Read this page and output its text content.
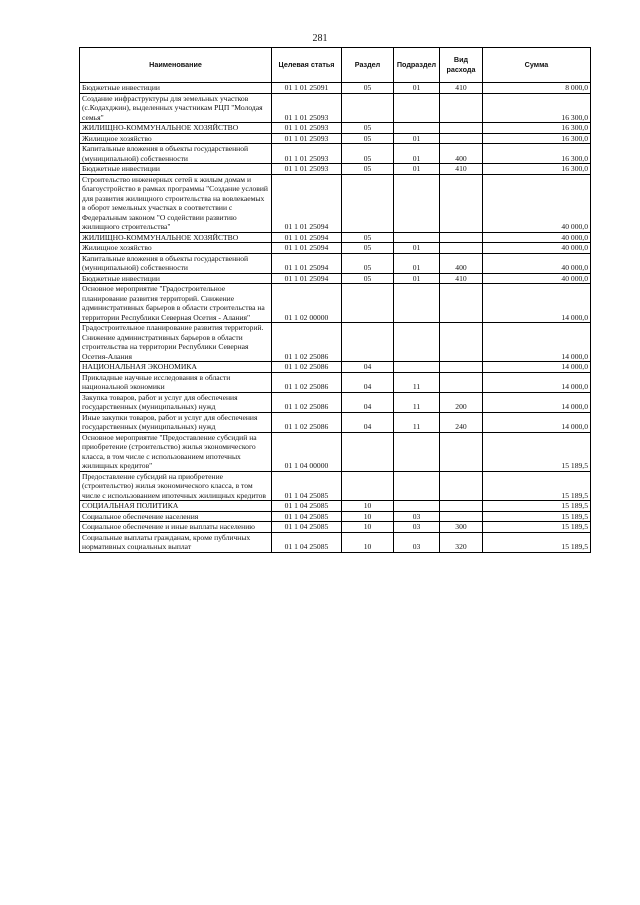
281
Наименование	Целевая статья	Раздел	Подраздел	Вид расхода	Сумма
Бюджетные инвестиции	01 1 01 25091	05	01	410	8 000,0
Создание инфраструктуры для земельных участков (с.Кодахджин), выделенных участникам РЦП "Молодая семья"	01 1 01 25093				16 300,0
ЖИЛИЩНО-КОММУНАЛЬНОЕ ХОЗЯЙСТВО	01 1 01 25093	05			16 300,0
Жилищное хозяйство	01 1 01 25093	05	01		16 300,0
Капитальные вложения в объекты государственной (муниципальной) собственности	01 1 01 25093	05	01	400	16 300,0
Бюджетные инвестиции	01 1 01 25093	05	01	410	16 300,0
Строительство инженерных сетей к жилым домам и благоустройство в рамках программы "Создание условий для развития жилищного строительства на вовлекаемых в оборот земельных участках в соответствии с Федеральным законом "О содействии развитию жилищного строительства"	01 1 01 25094				40 000,0
ЖИЛИЩНО-КОММУНАЛЬНОЕ ХОЗЯЙСТВО	01 1 01 25094	05			40 000,0
Жилищное хозяйство	01 1 01 25094	05	01		40 000,0
Капитальные вложения в объекты государственной (муниципальной) собственности	01 1 01 25094	05	01	400	40 000,0
Бюджетные инвестиции	01 1 01 25094	05	01	410	40 000,0
Основное мероприятие "Градостроительное планирование развития территорий. Снижение административных барьеров в области строительства на территории Республики Северная Осетия - Алания"	01 1 02 00000				14 000,0
Градостроительное планирование развития территорий. Снижение административных барьеров в области строительства на территории Республики Северная Осетия-Алания	01 1 02 25086				14 000,0
НАЦИОНАЛЬНАЯ ЭКОНОМИКА	01 1 02 25086	04			14 000,0
Прикладные научные исследования в области национальной экономики	01 1 02 25086	04	11		14 000,0
Закупка товаров, работ и услуг для обеспечения государственных (муниципальных) нужд	01 1 02 25086	04	11	200	14 000,0
Иные закупки товаров, работ и услуг для обеспечения государственных (муниципальных) нужд	01 1 02 25086	04	11	240	14 000,0
Основное мероприятие "Предоставление субсидий на приобретение (строительство) жилья экономического класса, в том числе с использованием ипотечных жилищных кредитов"	01 1 04 00000				15 189,5
Предоставление субсидий на приобретение (строительство) жилья экономического класса, в том числе с использованием ипотечных жилищных кредитов	01 1 04 25085				15 189,5
СОЦИАЛЬНАЯ ПОЛИТИКА	01 1 04 25085	10			15 189,5
Социальное обеспечение населения	01 1 04 25085	10	03		15 189,5
Социальное обеспечение и иные выплаты населению	01 1 04 25085	10	03	300	15 189,5
Социальные выплаты гражданам, кроме публичных нормативных социальных выплат	01 1 04 25085	10	03	320	15 189,5
